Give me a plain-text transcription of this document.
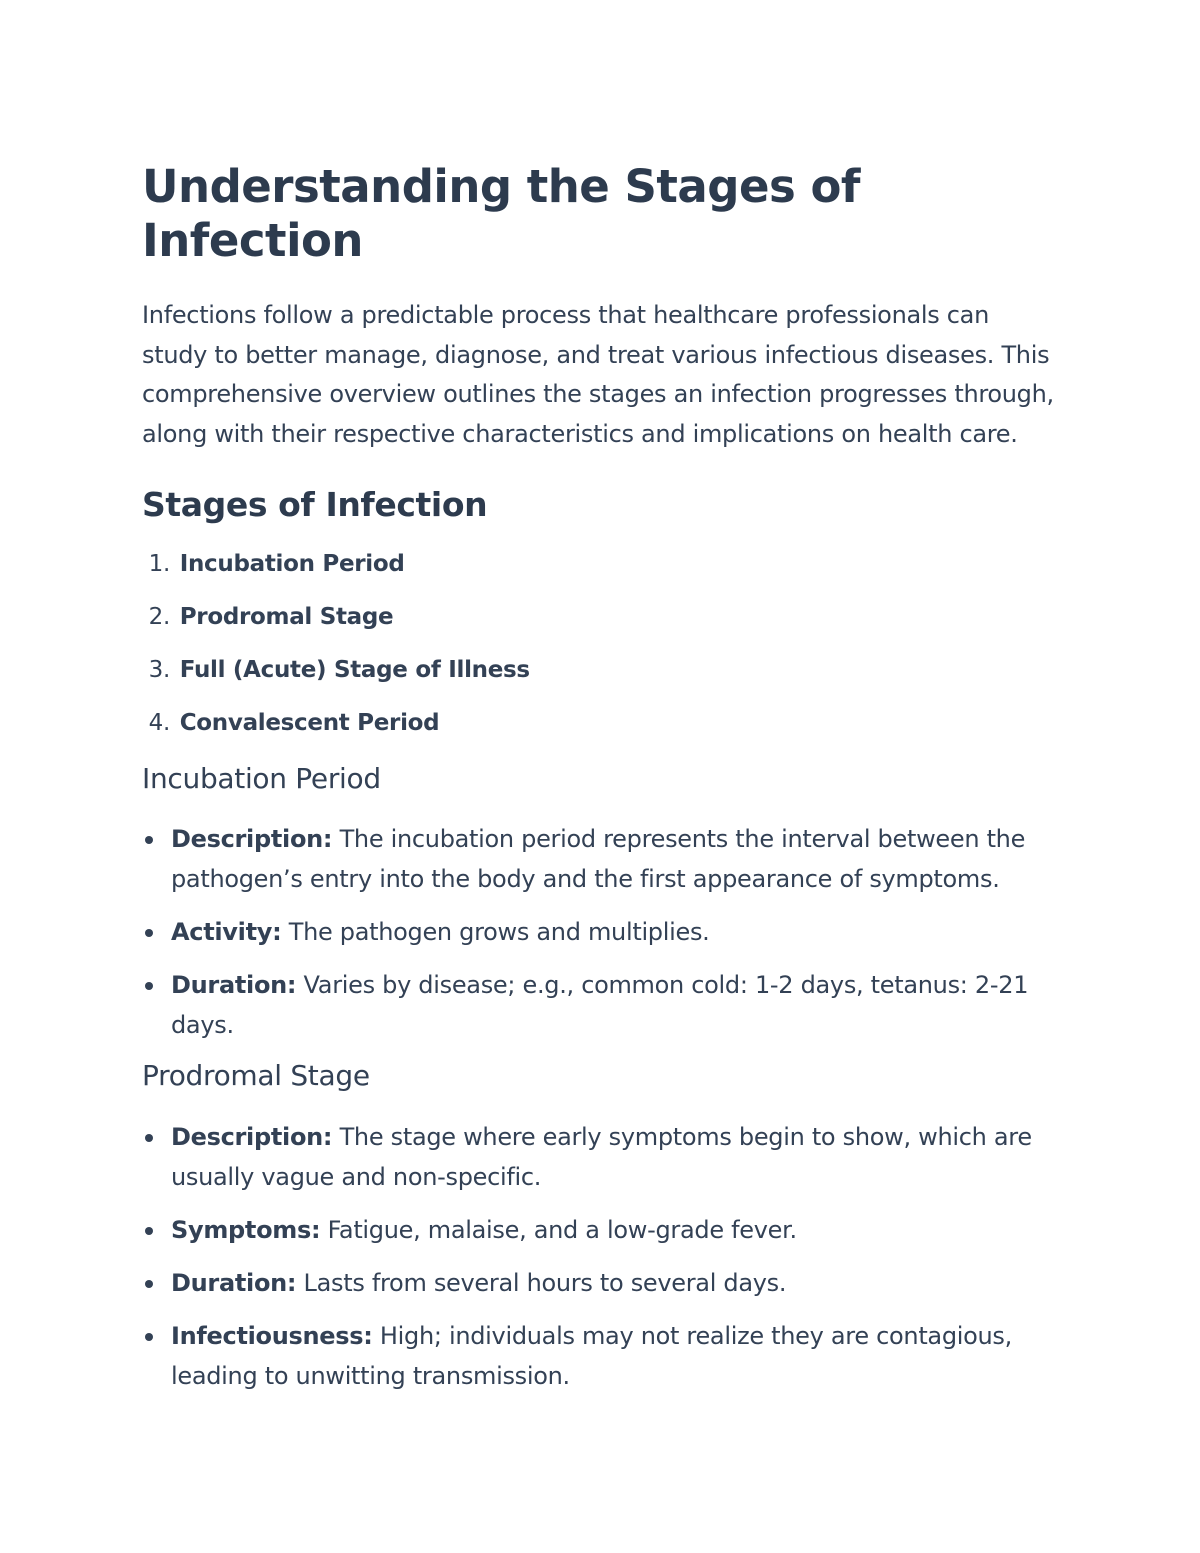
Understanding the Stages of Infection

Infections follow a predictable process that healthcare professionals can study to better manage, diagnose, and treat various infectious diseases. This comprehensive overview outlines the stages an infection progresses through, along with their respective characteristics and implications on health care.

Stages of Infection
1. Incubation Period
2. Prodromal Stage
3. Full (Acute) Stage of Illness
4. Convalescent Period
Incubation Period
Description: The incubation period represents the interval between the pathogen’s entry into the body and the first appearance of symptoms.
Activity: The pathogen grows and multiplies.
Duration: Varies by disease; e.g., common cold: 1-2 days, tetanus: 2-21 days.
Prodromal Stage
Description: The stage where early symptoms begin to show, which are usually vague and non-specific.
Symptoms: Fatigue, malaise, and a low-grade fever.
Duration: Lasts from several hours to several days.
Infectiousness: High; individuals may not realize they are contagious, leading to unwitting transmission.
